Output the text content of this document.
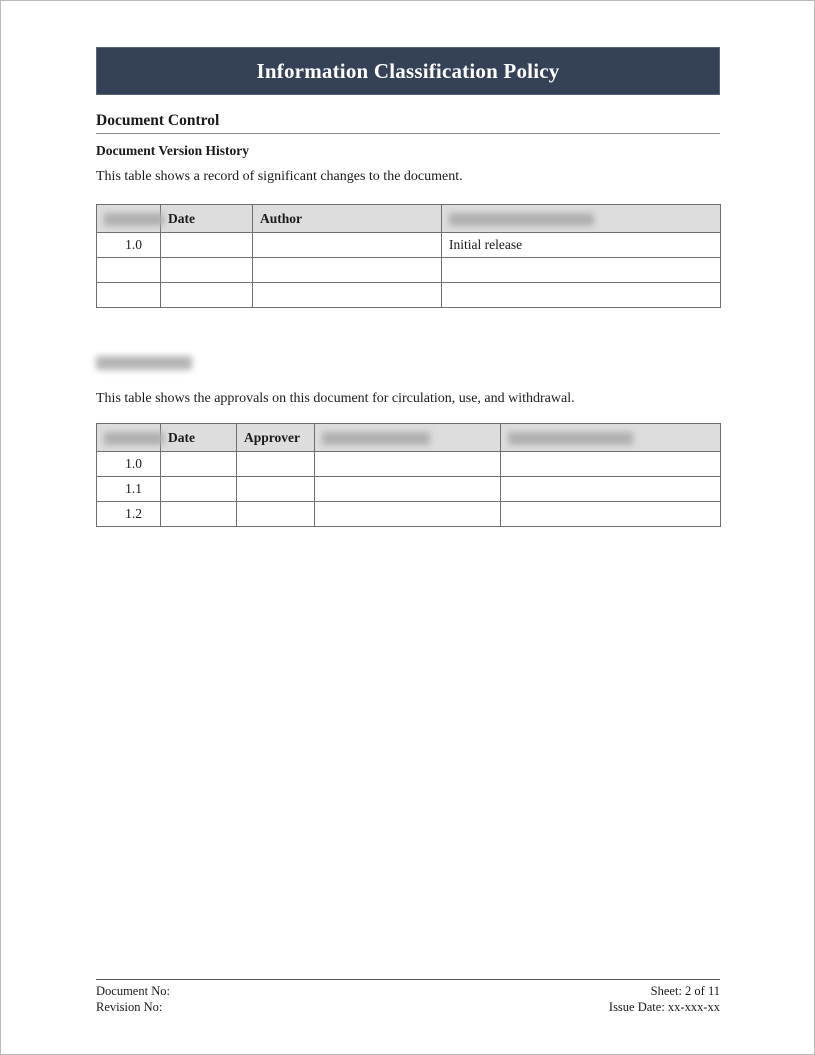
Information Classification Policy
Document Control
Document Version History
This table shows a record of significant changes to the document.
	Date	Author	
1.0			Initial release

This table shows the approvals on this document for circulation, use, and withdrawal.
	Date	Approver		
1.0				
1.1				
1.2				
Document No:
Revision No:
Sheet: 2 of 11
Issue Date: xx-xxx-xx
